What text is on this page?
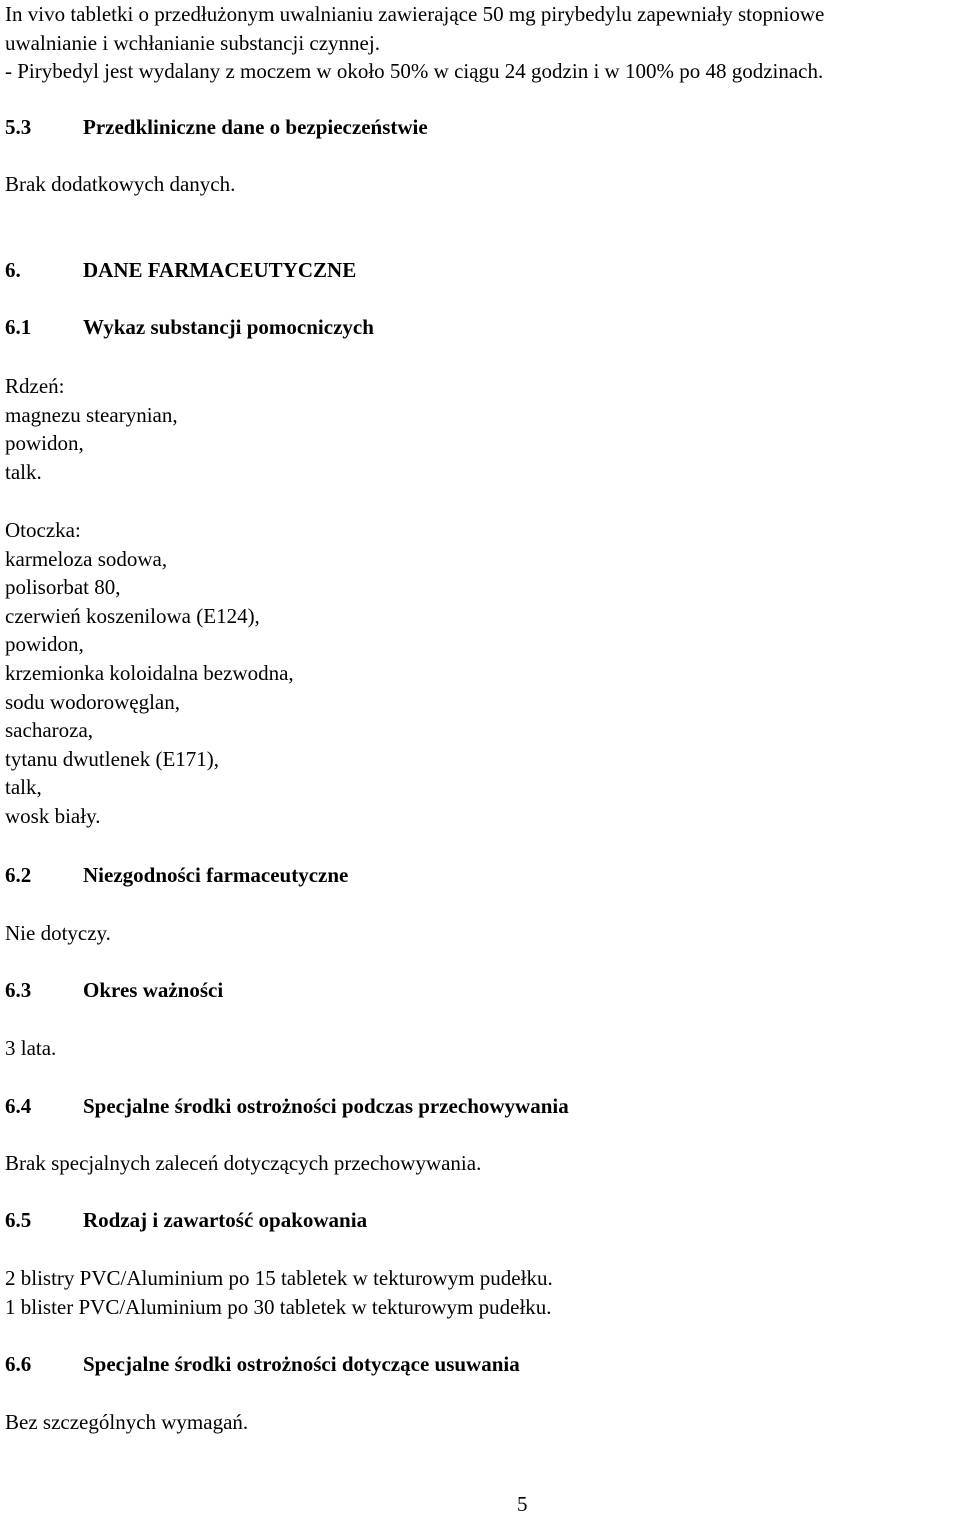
In vivo tabletki o przedłużonym uwalnianiu zawierające 50 mg pirybedylu zapewniały stopniowe
uwalnianie i wchłanianie substancji czynnej.
- Pirybedyl jest wydalany z moczem w około 50% w ciągu 24 godzin i w 100% po 48 godzinach.
5.3 Przedkliniczne dane o bezpieczeństwie
Brak dodatkowych danych.
6.	DANE FARMACEUTYCZNE
6.1 Wykaz substancji pomocniczych
Rdzeń:
magnezu stearynian,
powidon,
talk.
Otoczka:
karmeloza sodowa,
polisorbat 80,
czerwień koszenilowa (E124),
powidon,
krzemionka koloidalna bezwodna,
sodu wodorowęglan,
sacharoza,
tytanu dwutlenek (E171),
talk,
wosk biały.
6.2 Niezgodności farmaceutyczne
Nie dotyczy.
6.3 Okres ważności
3 lata.
6.4 Specjalne środki ostrożności podczas przechowywania
Brak specjalnych zaleceń dotyczących przechowywania.
6.5 Rodzaj i zawartość opakowania
2 blistry PVC/Aluminium po 15 tabletek w tekturowym pudełku.
1 blister PVC/Aluminium po 30 tabletek w tekturowym pudełku.
6.6 Specjalne środki ostrożności dotyczące usuwania
Bez szczególnych wymagań.
5
